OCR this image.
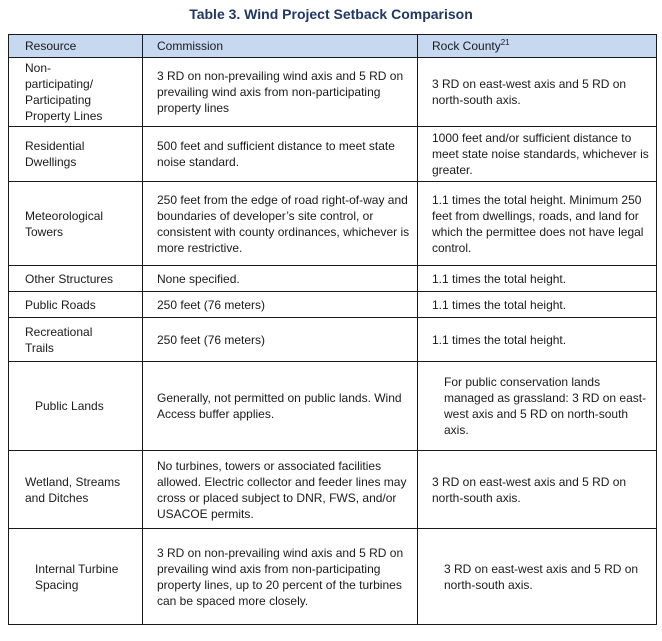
Table 3. Wind Project Setback Comparison
Resource	Commission	Rock County$^{21}$
Non-participating/ Participating Property Lines	3 RD on non-prevailing wind axis and 5 RD on prevailing wind axis from non-participating property lines	3 RD on east-west axis and 5 RD on north-south axis.
Residential Dwellings	500 feet and sufficient distance to meet state noise standard.	1000 feet and/or sufficient distance to meet state noise standards, whichever is greater.
Meteorological Towers	250 feet from the edge of road right-of-way and boundaries of developer’s site control, or consistent with county ordinances, whichever is more restrictive.	1.1 times the total height. Minimum 250 feet from dwellings, roads, and land for which the permittee does not have legal control.
Other Structures	None specified.	1.1 times the total height.
Public Roads	250 feet (76 meters)	1.1 times the total height.
Recreational Trails	250 feet (76 meters)	1.1 times the total height.
Public Lands	Generally, not permitted on public lands. Wind Access buffer applies.	For public conservation lands managed as grassland: 3 RD on east-west axis and 5 RD on north-south axis.
Wetland, Streams and Ditches	No turbines, towers or associated facilities allowed. Electric collector and feeder lines may cross or placed subject to DNR, FWS, and/or USACOE permits.	3 RD on east-west axis and 5 RD on north-south axis.
Internal Turbine Spacing	3 RD on non-prevailing wind axis and 5 RD on prevailing wind axis from non-participating property lines, up to 20 percent of the turbines can be spaced more closely.	3 RD on east-west axis and 5 RD on north-south axis.
